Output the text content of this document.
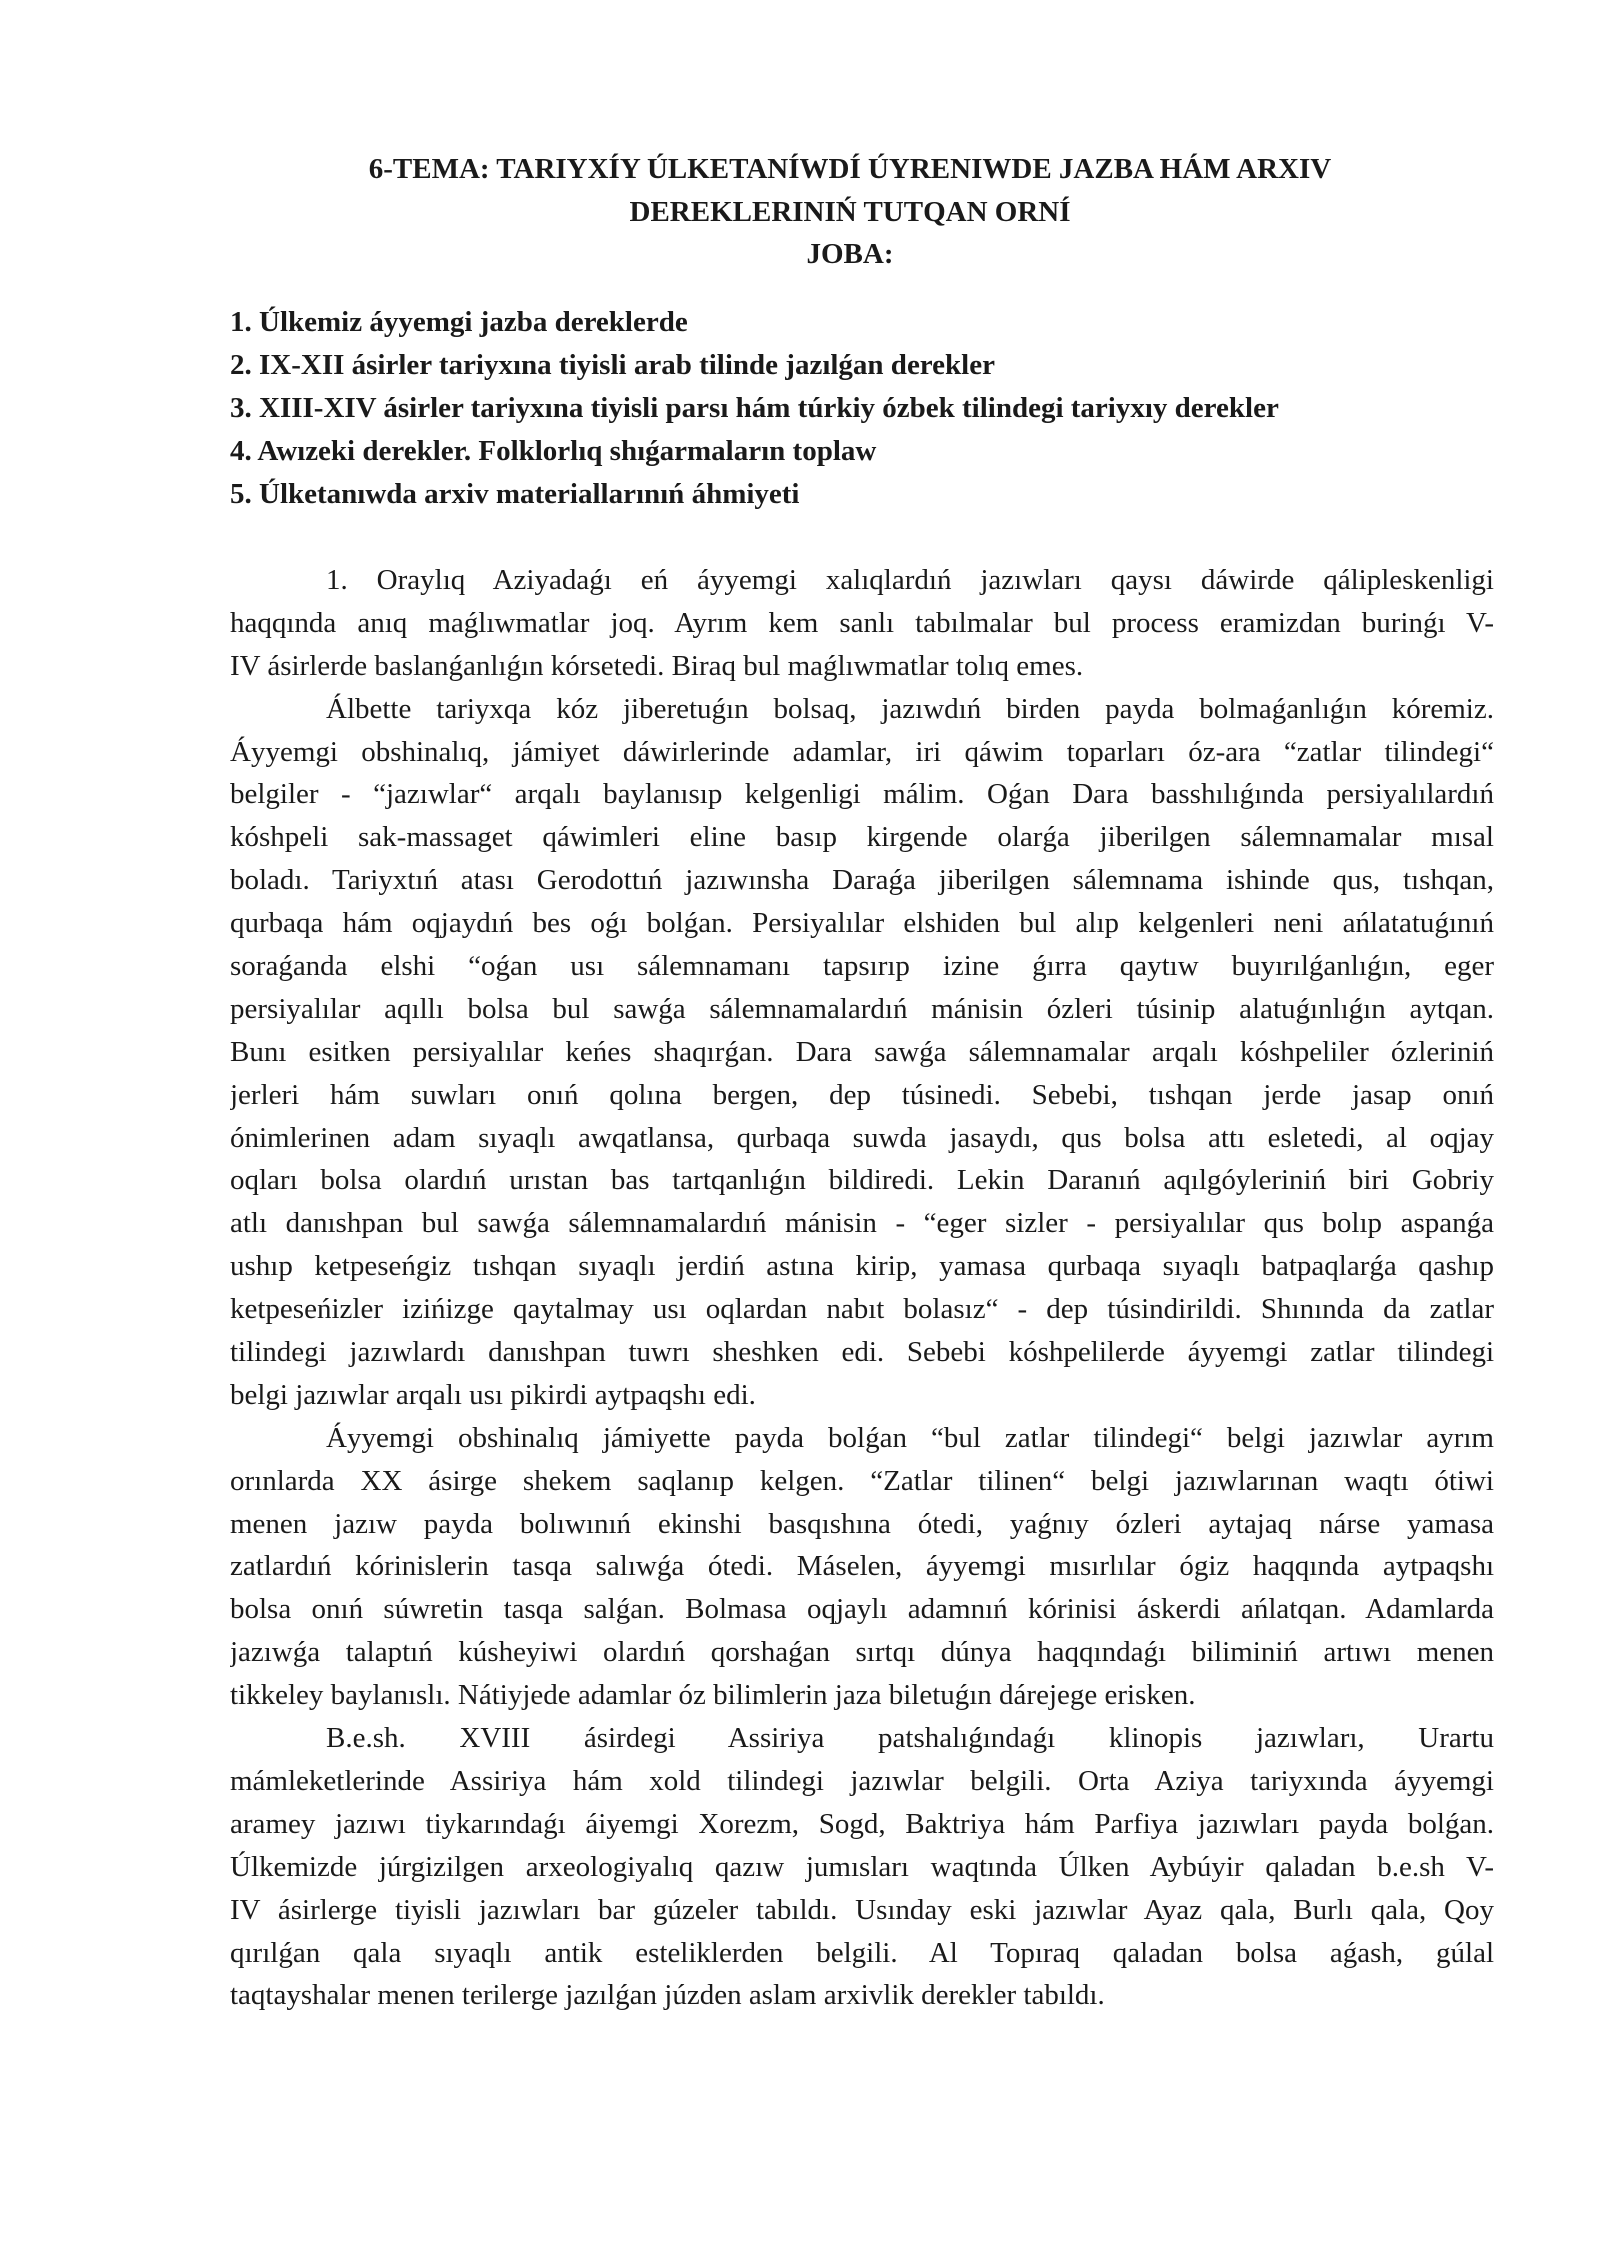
6-TEMA: TARIYXÍY ÚLKETANÍWDÍ ÚYRENIWDE JAZBA HÁM ARXIV
DEREKLERINIŃ TUTQAN ORNÍ
JOBA:
1. Úlkemiz áyyemgi jazba dereklerde
2. IX-XII ásirler tariyxına tiyisli arab tilinde jazılǵan derekler
3. XIII-XIV ásirler tariyxına tiyisli parsı hám túrkiy ózbek tilindegi tariyxıy derekler
4. Awızeki derekler. Folklorlıq shıǵarmaların toplaw
5. Úlketanıwda arxiv materiallarınıń áhmiyeti
1. Oraylıq Aziyadaǵı eń áyyemgi xalıqlardıń jazıwları qaysı dáwirde qálipleskenligi
haqqında anıq maǵlıwmatlar joq. Ayrım kem sanlı tabılmalar bul process eramizdan burinǵı V-
IV ásirlerde baslanǵanlıǵın kórsetedi. Biraq bul maǵlıwmatlar tolıq emes.
Álbette tariyxqa kóz jiberetuǵın bolsaq, jazıwdıń birden payda bolmaǵanlıǵın kóremiz.
Áyyemgi obshinalıq, jámiyet dáwirlerinde adamlar, iri qáwim toparları óz-ara “zatlar tilindegi“
belgiler - “jazıwlar“ arqalı baylanısıp kelgenligi málim. Oǵan Dara basshılıǵında persiyalılardıń
kóshpeli sak-massaget qáwimleri eline basıp kirgende olarǵa jiberilgen sálemnamalar mısal
boladı. Tariyxtıń atası Gerodottıń jazıwınsha Daraǵa jiberilgen sálemnama ishinde qus, tıshqan,
qurbaqa hám oqjaydıń bes oǵı bolǵan. Persiyalılar elshiden bul alıp kelgenleri neni ańlatatuǵınıń
soraǵanda elshi “oǵan usı sálemnamanı tapsırıp izine ǵırra qaytıw buyırılǵanlıǵın, eger
persiyalılar aqıllı bolsa bul sawǵa sálemnamalardıń mánisin ózleri túsinip alatuǵınlıǵın aytqan.
Bunı esitken persiyalılar keńes shaqırǵan. Dara sawǵa sálemnamalar arqalı kóshpeliler ózleriniń
jerleri hám suwları onıń qolına bergen, dep túsinedi. Sebebi, tıshqan jerde jasap onıń
ónimlerinen adam sıyaqlı awqatlansa, qurbaqa suwda jasaydı, qus bolsa attı esletedi, al oqjay
oqları bolsa olardıń urıstan bas tartqanlıǵın bildiredi. Lekin Daranıń aqılgóyleriniń biri Gobriy
atlı danıshpan bul sawǵa sálemnamalardıń mánisin - “eger sizler - persiyalılar qus bolıp aspanǵa
ushıp ketpeseńgiz tıshqan sıyaqlı jerdiń astına kirip, yamasa qurbaqa sıyaqlı batpaqlarǵa qashıp
ketpeseńizler izińizge qaytalmay usı oqlardan nabıt bolasız“ - dep túsindirildi. Shınında da zatlar
tilindegi jazıwlardı danıshpan tuwrı sheshken edi. Sebebi kóshpelilerde áyyemgi zatlar tilindegi
belgi jazıwlar arqalı usı pikirdi aytpaqshı edi.
Áyyemgi obshinalıq jámiyette payda bolǵan “bul zatlar tilindegi“ belgi jazıwlar ayrım
orınlarda XX ásirge shekem saqlanıp kelgen. “Zatlar tilinen“ belgi jazıwlarınan waqtı ótiwi
menen jazıw payda bolıwınıń ekinshi basqıshına ótedi, yaǵnıy ózleri aytajaq nárse yamasa
zatlardıń kórinislerin tasqa salıwǵa ótedi. Máselen, áyyemgi mısırlılar ógiz haqqında aytpaqshı
bolsa onıń súwretin tasqa salǵan. Bolmasa oqjaylı adamnıń kórinisi áskerdi ańlatqan. Adamlarda
jazıwǵa talaptıń kúsheyiwi olardıń qorshaǵan sırtqı dúnya haqqındaǵı biliminiń artıwı menen
tikkeley baylanıslı. Nátiyjede adamlar óz bilimlerin jaza biletuǵın dárejege erisken.
B.e.sh. XVIII ásirdegi Assiriya patshalıǵındaǵı klinopis jazıwları, Urartu
mámleketlerinde Assiriya hám xold tilindegi jazıwlar belgili. Orta Aziya tariyxında áyyemgi
aramey jazıwı tiykarındaǵı áiyemgi Xorezm, Sogd, Baktriya hám Parfiya jazıwları payda bolǵan.
Úlkemizde júrgizilgen arxeologiyalıq qazıw jumısları waqtında Úlken Aybúyir qaladan b.e.sh V-
IV ásirlerge tiyisli jazıwları bar gúzeler tabıldı. Usınday eski jazıwlar Ayaz qala, Burlı qala, Qoy
qırılǵan qala sıyaqlı antik esteliklerden belgili. Al Topıraq qaladan bolsa aǵash, gúlal
taqtayshalar menen terilerge jazılǵan júzden aslam arxivlik derekler tabıldı.
